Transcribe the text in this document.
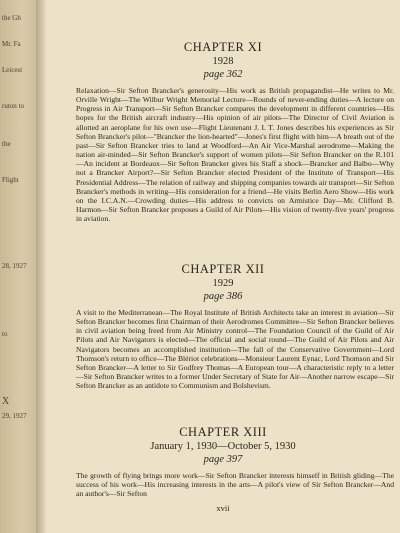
the Gh
Mr. Fa
Leicest
ruton to
the
Flight
28, 1927
to
X
29, 1927
CHAPTER XI
1928
page 362
Relaxation—Sir Sefton Brancker's generosity—His work as British propagandist—He writes to Mr. Orville Wright—The Wilbur Wright Memorial Lecture—Rounds of never-ending duties—A lecture on Progress in Air Transport—Sir Sefton Brancker compares the development in different countries—His hopes for the British aircraft industry—His opinion of air pilots—The Director of Civil Aviation is allotted an aeroplane for his own use—Flight Lieutenant J. I. T. Jones describes his experiences as Sir Sefton Brancker's pilot—"Brancker the lion-hearted"—Jones's first flight with him—A breath out of the past—Sir Sefton Brancker tries to land at Woodford—An Air Vice-Marshal aerodrome—Making the nation air-minded—Sir Sefton Brancker's support of women pilots—Sir Sefton Brancker on the R.101—An incident at Bordeaux—Sir Sefton Brancker gives his Staff a shock—Brancker and Balbo—Why not a Brancker Airport?—Sir Sefton Brancker elected President of the Institute of Transport—His Presidential Address—The relation of railway and shipping companies towards air transport—Sir Sefton Brancker's methods in writing—His consideration for a friend—He visits Berlin Aero Show—His work on the I.C.A.N.—Crowding duties—His address to convicts on Armistice Day—Mr. Clifford B. Harmon—Sir Sefton Brancker proposes a Guild of Air Pilots—His vision of twenty-five years' progress in aviation.
CHAPTER XII
1929
page 386
A visit to the Mediterranean—The Royal Institute of British Architects take an interest in aviation—Sir Sefton Brancker becomes first Chairman of their Aerodromes Committee—Sir Sefton Brancker believes in civil aviation being freed from Air Ministry control—The Foundation Council of the Guild of Air Pilots and Air Navigators is elected—The official and social round—The Guild of Air Pilots and Air Navigators becomes an accomplished institution—The fall of the Conservative Government—Lord Thomson's return to office—The Blériot celebrations—Monsieur Laurent Eynac, Lord Thomson and Sir Sefton Brancker—A letter to Sir Godfrey Thomas—A European tour—A characteristic reply to a letter—Sir Sefton Brancker writes to a former Under Secretary of State for Air—Another narrow escape—Sir Sefton Brancker as an antidote to Communism and Bolshevism.
CHAPTER XIII
January 1, 1930—October 5, 1930
page 397
The growth of flying brings more work—Sir Sefton Brancker interests himself in British gliding—The success of his work—His increasing interests in the arts—A pilot's view of Sir Sefton Brancker—And an author's—Sir Sefton
xvii
